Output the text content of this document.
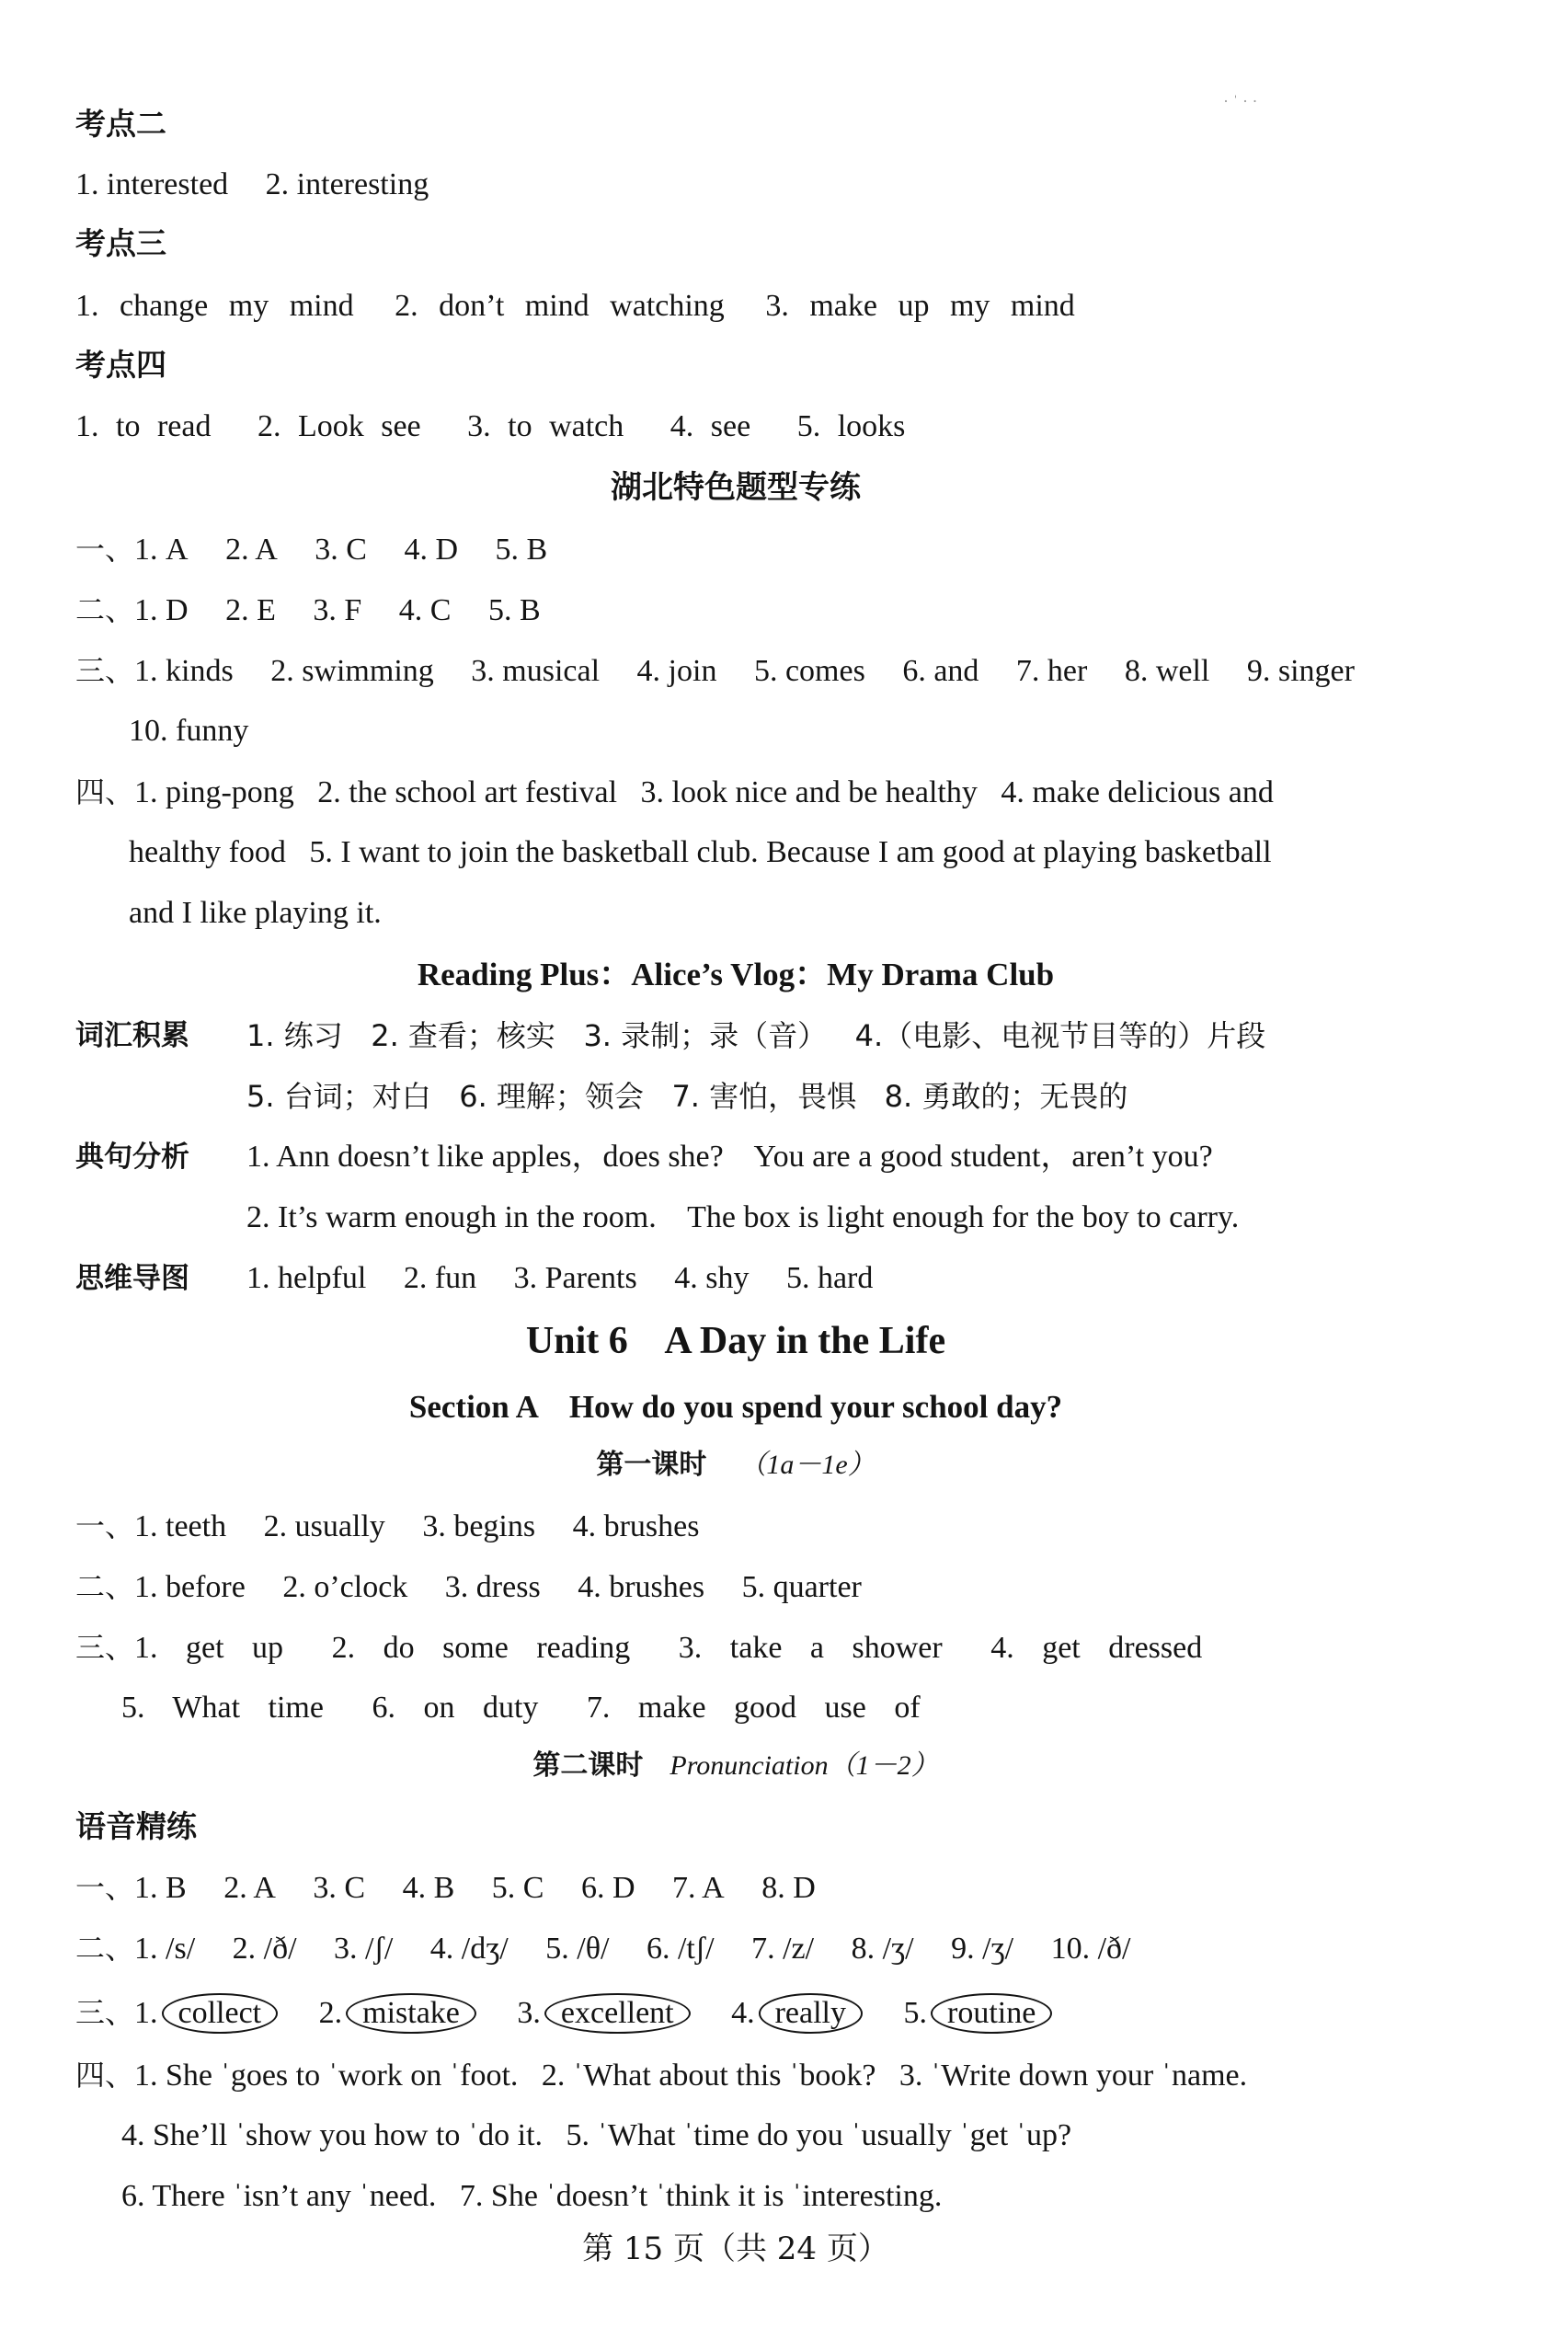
· ˈ · ·
考点二
1. interested 2. interesting
考点三
1. change my mind 2. don’t mind watching 3. make up my mind
考点四
1. to read 2. Look see 3. to watch 4. see 5. looks
湖北特色题型专练
一、1. A 2. A 3. C 4. D 5. B
二、1. D 2. E 3. F 4. C 5. B
三、1. kinds 2. swimming 3. musical 4. join 5. comes 6. and 7. her 8. well 9. singer
10. funny
四、1. ping-pong   2. the school art festival   3. look nice and be healthy   4. make delicious and
healthy food   5. I want to join the basketball club. Because I am good at playing basketball
and I like playing it.
Reading Plus：Alice’s Vlog：My Drama Club
词汇积累 1. 练习   2. 查看；核实   3. 录制；录（音）   4.（电影、电视节目等的）片段
5. 台词；对白   6. 理解；领会   7. 害怕，畏惧   8. 勇敢的；无畏的
典句分析 1. Ann doesn’t like apples，does she?    You are a good student，aren’t you?
2. It’s warm enough in the room.    The box is light enough for the boy to carry.
思维导图 1. helpful 2. fun 3. Parents 4. shy 5. hard
Unit 6    A Day in the Life
Section A    How do you spend your school day?
第一课时 （1a－1e）
一、1. teeth 2. usually 3. begins 4. brushes
二、1. before 2. o’clock 3. dress 4. brushes 5. quarter
三、1. get up 2. do some reading 3. take a shower 4. get dressed
5. What time 6. on duty 7. make good use of
第二课时 Pronunciation（1－2）
语音精练
一、1. B 2. A 3. C 4. B 5. C 6. D 7. A 8. D
二、1. /s/ 2. /ð/ 3. /ʃ/ 4. /dʒ/ 5. /θ/ 6. /tʃ/ 7. /z/ 8. /ʒ/ 9. /ʒ/ 10. /ð/
三、1. collect 2. mistake 3. excellent 4. really 5. routine
四、1. She ˈgoes to ˈwork on ˈfoot.   2. ˈWhat about this ˈbook?   3. ˈWrite down your ˈname.
4. She’ll ˈshow you how to ˈdo it.   5. ˈWhat ˈtime do you ˈusually ˈget ˈup?
6. There ˈisn’t any ˈneed.   7. She ˈdoesn’t ˈthink it is ˈinteresting.
第 15 页（共 24 页）
